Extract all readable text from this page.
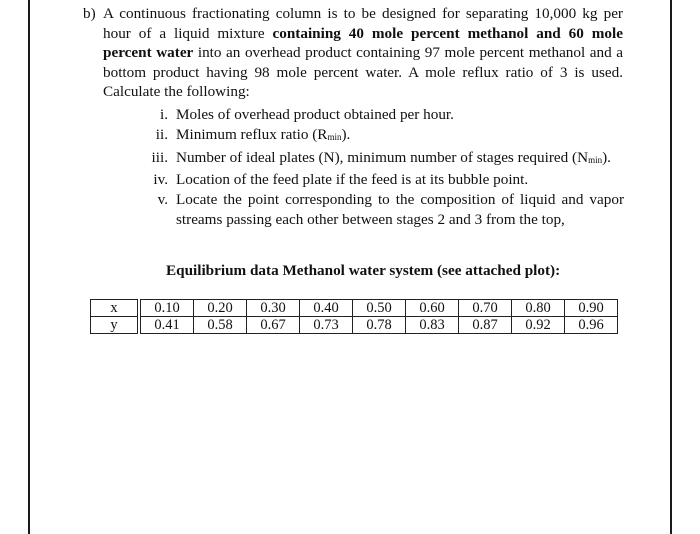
b) A continuous fractionating column is to be designed for separating 10,000 kg per hour of a liquid mixture containing 40 mole percent methanol and 60 mole percent water into an overhead product containing 97 mole percent methanol and a bottom product having 98 mole percent water. A mole reflux ratio of 3 is used. Calculate the following:
i. Moles of overhead product obtained per hour.
ii. Minimum reflux ratio $(R_{min})$.
iii. Number of ideal plates (N), minimum number of stages required $(N_{min})$.
iv. Location of the feed plate if the feed is at its bubble point.
v. Locate the point corresponding to the composition of liquid and vapor streams passing each other between stages 2 and 3 from the top,
Equilibrium data Methanol water system (see attached plot):
x		0.10	0.20	0.30	0.40	0.50	0.60	0.70	0.80	0.90
y		0.41	0.58	0.67	0.73	0.78	0.83	0.87	0.92	0.96
